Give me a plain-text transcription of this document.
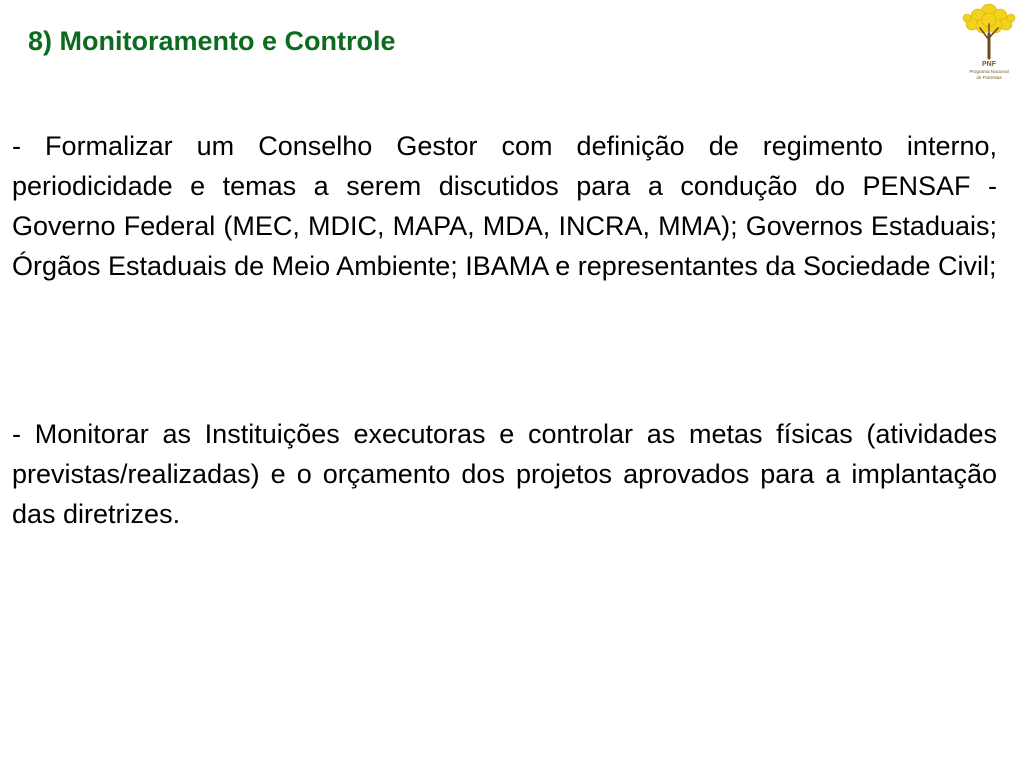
8) Monitoramento e Controle
PNF
Programa Nacional
de Florestas

- Formalizar um Conselho Gestor com definição de regimento interno, periodicidade e temas a serem discutidos para a condução do PENSAF - Governo Federal (MEC, MDIC, MAPA, MDA, INCRA, MMA); Governos Estaduais; Órgãos Estaduais de Meio Ambiente; IBAMA e representantes da Sociedade Civil;

- Monitorar as Instituições executoras e controlar as metas físicas (atividades previstas/realizadas) e o orçamento dos projetos aprovados para a implantação das diretrizes.
